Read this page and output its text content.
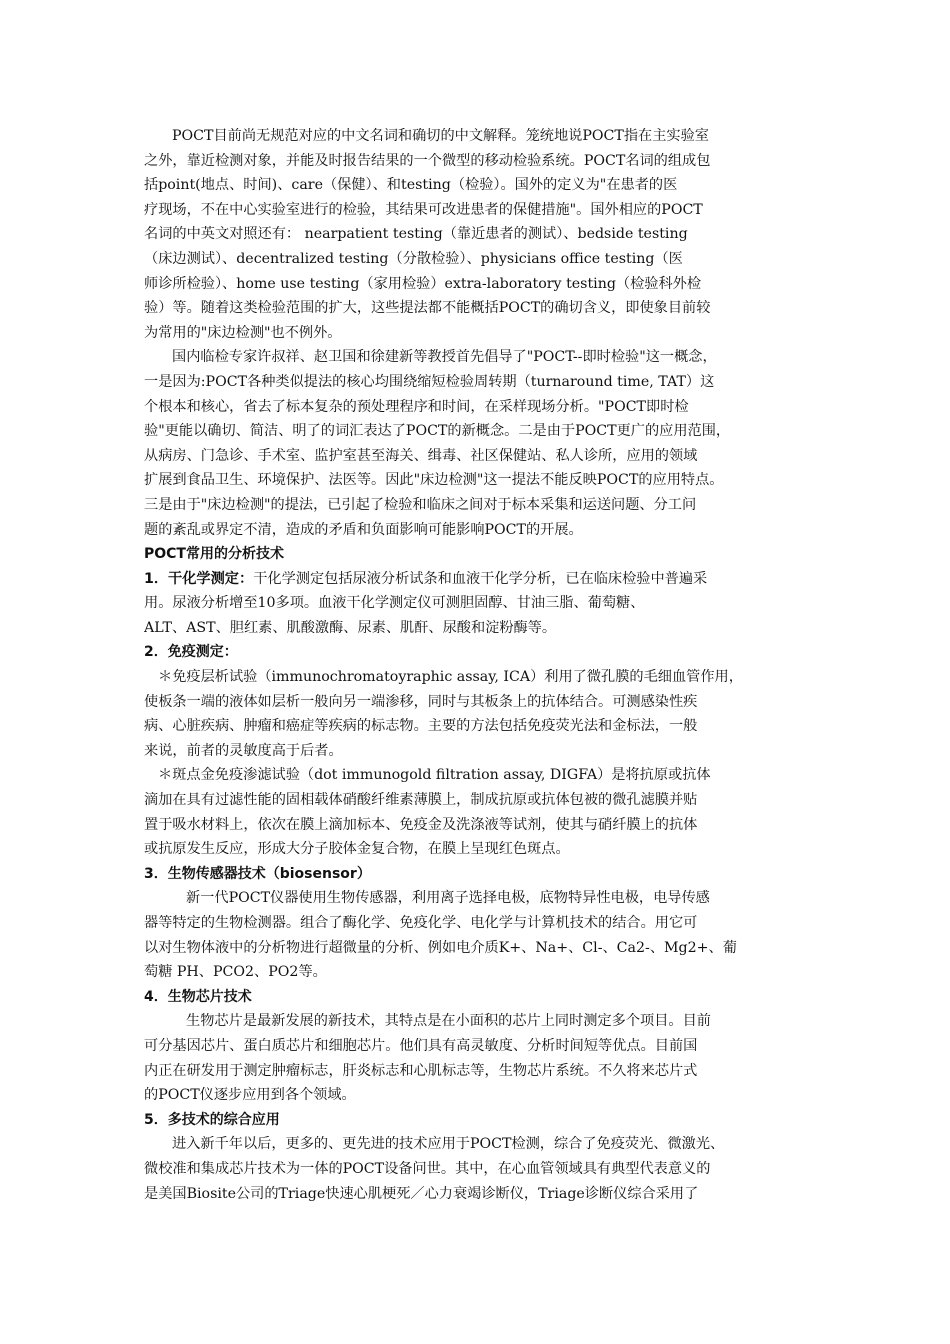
POCT目前尚无规范对应的中文名词和确切的中文解释。笼统地说POCT指在主实验室
之外，靠近检测对象，并能及时报告结果的一个微型的移动检验系统。POCT名词的组成包
括point(地点、时间)、care（保健）、和testing（检验）。国外的定义为"在患者的医
疗现场，不在中心实验室进行的检验，其结果可改进患者的保健措施"。国外相应的POCT
名词的中英文对照还有： nearpatient testing（靠近患者的测试）、bedside testing
（床边测试）、decentralized testing（分散检验）、physicians office testing（医
师诊所检验）、home use testing（家用检验）extra-laboratory testing（检验科外检
验）等。随着这类检验范围的扩大，这些提法都不能概括POCT的确切含义，即使象目前较
为常用的"床边检测"也不例外。
国内临检专家许叔祥、赵卫国和徐建新等教授首先倡导了"POCT--即时检验"这一概念，
一是因为:POCT各种类似提法的核心均围绕缩短检验周转期（turnaround time, TAT）这
个根本和核心，省去了标本复杂的预处理程序和时间，在采样现场分析。"POCT即时检
验"更能以确切、简洁、明了的词汇表达了POCT的新概念。二是由于POCT更广的应用范围，
从病房、门急诊、手术室、监护室甚至海关、缉毒、社区保健站、私人诊所，应用的领域
扩展到食品卫生、环境保护、法医等。因此"床边检测"这一提法不能反映POCT的应用特点。
三是由于"床边检测"的提法，已引起了检验和临床之间对于标本采集和运送问题、分工问
题的紊乱或界定不清，造成的矛盾和负面影响可能影响POCT的开展。
POCT常用的分析技术
1．干化学测定：干化学测定包括尿液分析试条和血液干化学分析，已在临床检验中普遍采
用。尿液分析增至10多项。血液干化学测定仪可测胆固醇、甘油三脂、葡萄糖、
ALT、AST、胆红素、肌酸激酶、尿素、肌酐、尿酸和淀粉酶等。
2．免疫测定：
＊免疫层析试验（immunochromatoyraphic assay, ICA）利用了微孔膜的毛细血管作用，
使板条一端的液体如层析一般向另一端渗移，同时与其板条上的抗体结合。可测感染性疾
病、心脏疾病、肿瘤和癌症等疾病的标志物。主要的方法包括免疫荧光法和金标法，一般
来说，前者的灵敏度高于后者。
＊斑点金免疫渗滤试验（dot immunogold filtration assay, DIGFA）是将抗原或抗体
滴加在具有过滤性能的固相载体硝酸纤维素薄膜上，制成抗原或抗体包被的微孔滤膜并贴
置于吸水材料上，依次在膜上滴加标本、免疫金及洗涤液等试剂，使其与硝纤膜上的抗体
或抗原发生反应，形成大分子胶体金复合物，在膜上呈现红色斑点。
3．生物传感器技术（biosensor）
新一代POCT仪器使用生物传感器，利用离子选择电极，底物特异性电极，电导传感
器等特定的生物检测器。组合了酶化学、免疫化学、电化学与计算机技术的结合。用它可
以对生物体液中的分析物进行超微量的分析、例如电介质K+、Na+、Cl-、Ca2-、Mg2+、葡
萄糖 PH、PCO2、PO2等。
4．生物芯片技术
生物芯片是最新发展的新技术，其特点是在小面积的芯片上同时测定多个项目。目前
可分基因芯片、蛋白质芯片和细胞芯片。他们具有高灵敏度、分析时间短等优点。目前国
内正在研发用于测定肿瘤标志，肝炎标志和心肌标志等，生物芯片系统。不久将来芯片式
的POCT仪逐步应用到各个领域。
5．多技术的综合应用
进入新千年以后，更多的、更先进的技术应用于POCT检测，综合了免疫荧光、微激光、
微校准和集成芯片技术为一体的POCT设备问世。其中，在心血管领域具有典型代表意义的
是美国Biosite公司的Triage快速心肌梗死／心力衰竭诊断仪，Triage诊断仪综合采用了
